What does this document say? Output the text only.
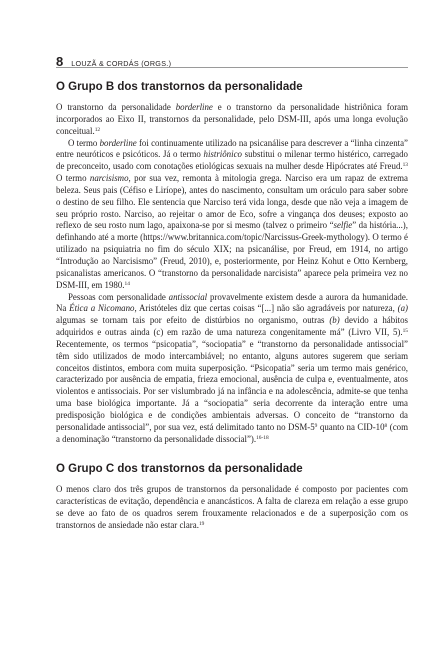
8 LOUZÃ & CORDÁS (ORGS.)
O Grupo B dos transtornos da personalidade

O transtorno da personalidade borderline e o transtorno da personalidade histriônica foram incorporados ao Eixo II, transtornos da personalidade, pelo DSM-III, após uma longa evolução conceitual.$^{12}$

O termo borderline foi continuamente utilizado na psicanálise para descrever a “linha cinzenta” entre neuróticos e psicóticos. Já o termo histriônico substitui o milenar termo histérico, carregado de preconceito, usado com conotações etiológicas sexuais na mulher desde Hipócrates até Freud.$^{13}$ O termo narcisismo, por sua vez, remonta à mitologia grega. Narciso era um rapaz de extrema beleza. Seus pais (Céfiso e Liríope), antes do nascimento, consultam um oráculo para saber sobre o destino de seu filho. Ele sentencia que Narciso terá vida longa, desde que não veja a imagem de seu próprio rosto. Narciso, ao rejeitar o amor de Eco, sofre a vingança dos deuses; exposto ao reflexo de seu rosto num lago, apaixona-se por si mesmo (talvez o primeiro “selfie” da história...), definhando até a morte (https://www.britannica.com/topic/Narcissus-Greek-mythology). O termo é utilizado na psiquiatria no fim do século XIX; na psicanálise, por Freud, em 1914, no artigo “Introdução ao Narcisismo” (Freud, 2010), e, posteriormente, por Heinz Kohut e Otto Kernberg, psicanalistas americanos. O “transtorno da personalidade narcisista” aparece pela primeira vez no DSM-III, em 1980.14

Pessoas com personalidade antissocial provavelmente existem desde a aurora da humanidade. Na Ética a Nicomano, Aristóteles diz que certas coisas “[...] não são agradáveis por natureza, (a) algumas se tornam tais por efeito de distúrbios no organismo, outras (b) devido a hábitos adquiridos e outras ainda (c) em razão de uma natureza congenitamente má” (Livro VII, 5).$^{15}$ Recentemente, os termos “psicopatia”, “sociopatia” e “transtorno da personalidade antissocial” têm sido utilizados de modo intercambiável; no entanto, alguns autores sugerem que seriam conceitos distintos, embora com muita superposição. “Psicopatia” seria um termo mais genérico, caracterizado por ausência de empatia, frieza emocional, ausência de culpa e, eventualmente, atos violentos e antissociais. Por ser vislumbrado já na infância e na adolescência, admite-se que tenha uma base biológica importante. Já a “sociopatia” seria decorrente da interação entre uma predisposição biológica e de condições ambientais adversas. O conceito de “transtorno da personalidade antissocial”, por sua vez, está delimitado tanto no DSM-$5^9$ quanto na CID-$10^8$ (com a denominação “transtorno da personalidade dissocial”).$^{16-18}$

O Grupo C dos transtornos da personalidade

O menos claro dos três grupos de transtornos da personalidade é composto por pacientes com características de evitação, dependência e anancásticos. A falta de clareza em relação a esse grupo se deve ao fato de os quadros serem frouxamente relacionados e de a superposição com os transtornos de ansiedade não estar clara.$^{19}$
